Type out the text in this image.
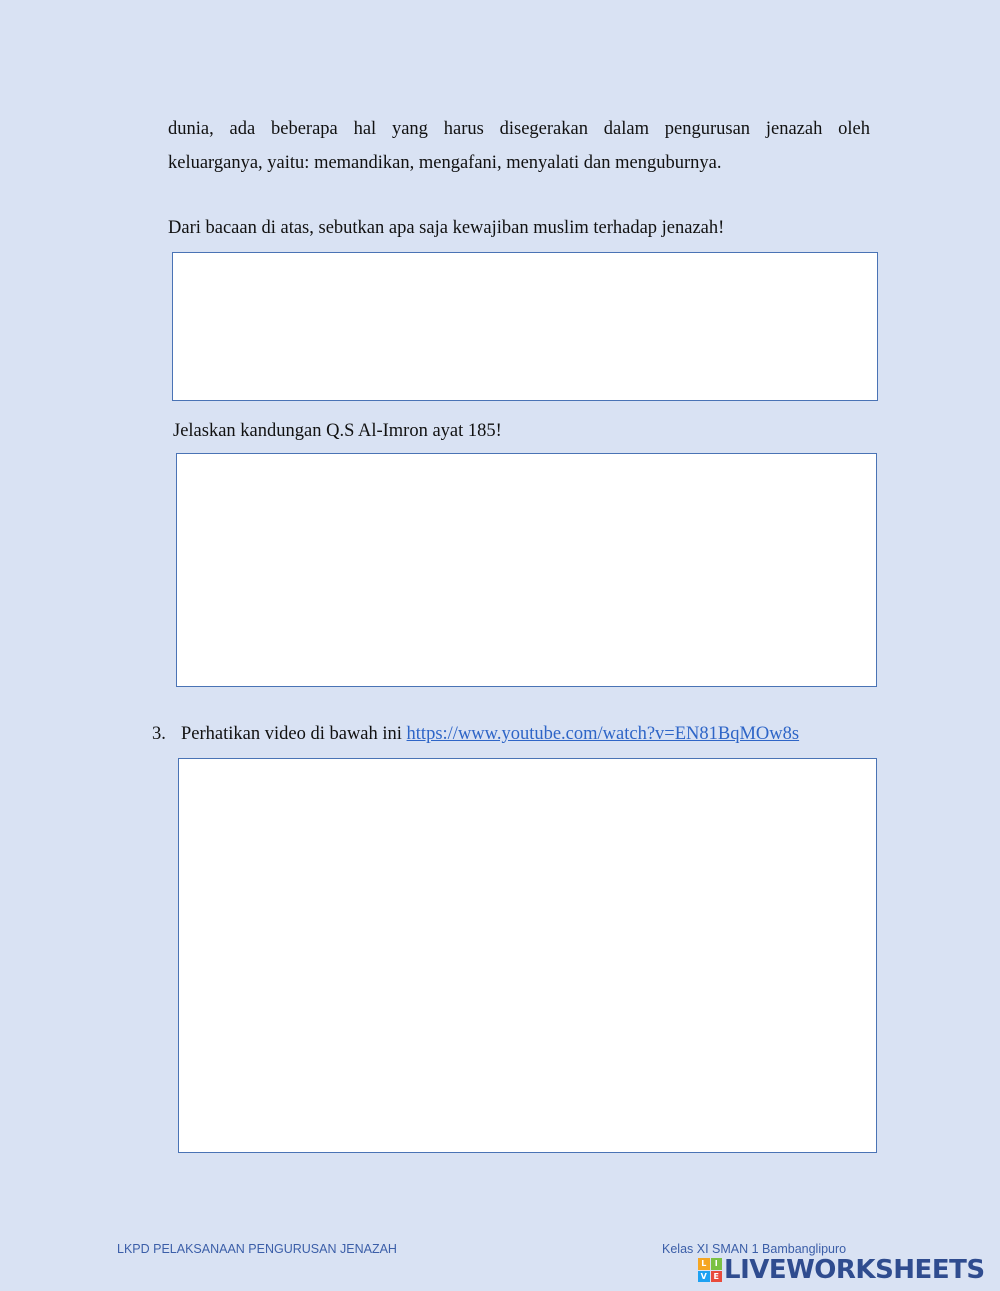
dunia, ada beberapa hal yang harus disegerakan dalam pengurusan jenazah oleh
keluarganya, yaitu: memandikan, mengafani, menyalati dan menguburnya.

Dari bacaan di atas, sebutkan apa saja kewajiban muslim terhadap jenazah!

Jelaskan kandungan Q.S Al-Imron ayat 185!

3. Perhatikan video di bawah ini https://www.youtube.com/watch?v=EN81BqMOw8s
LKPD PELAKSANAAN PENGURUSAN JENAZAH	Kelas XI SMAN 1 Bambanglipuro
L	I
V E LIVEWORKSHEETS
